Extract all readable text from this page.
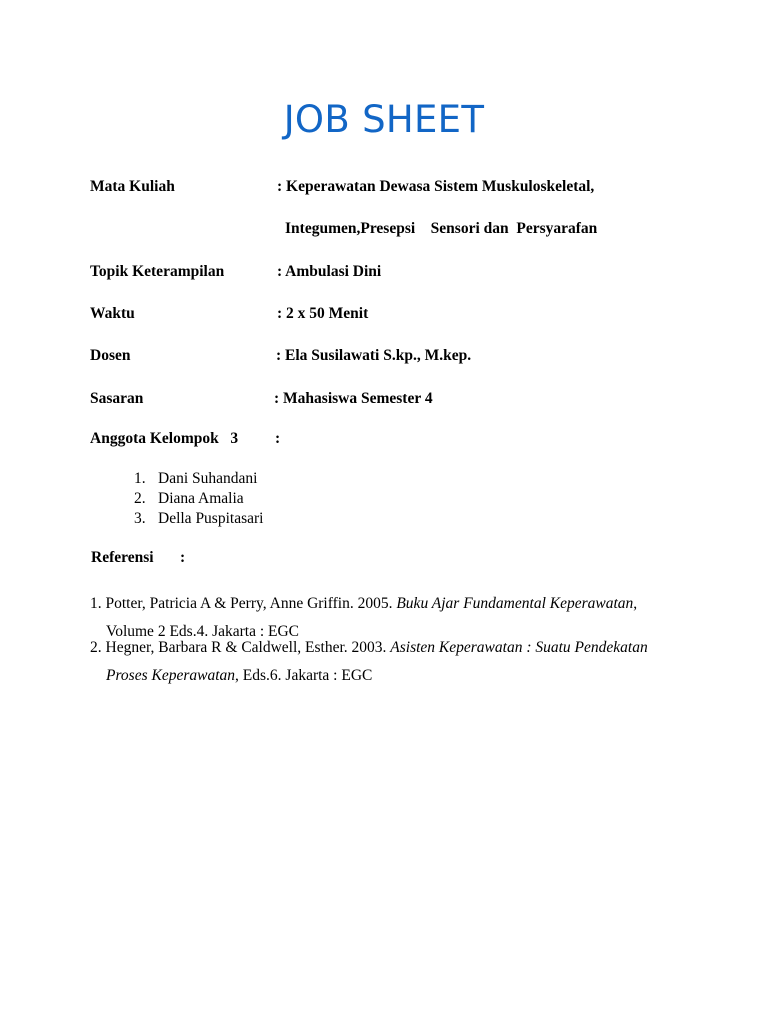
JOB SHEET
Mata Kuliah	: Keperawatan Dewasa Sistem Muskuloskeletal,
Integumen,Presepsi    Sensori dan  Persyarafan
Topik Keterampilan	: Ambulasi Dini
Waktu	: 2 x 50 Menit
Dosen	: Ela Susilawati S.kp., M.kep.
Sasaran	: Mahasiswa Semester 4
Anggota Kelompok   3 :
1. Dani Suhandani
2. Diana Amalia
3. Della Puspitasari
Referensi :
1. Potter, Patricia A & Perry, Anne Griffin. 2005. Buku Ajar Fundamental Keperawatan,
Volume 2 Eds.4. Jakarta : EGC
2. Hegner, Barbara R & Caldwell, Esther. 2003. Asisten Keperawatan : Suatu Pendekatan
Proses Keperawatan, Eds.6. Jakarta : EGC
